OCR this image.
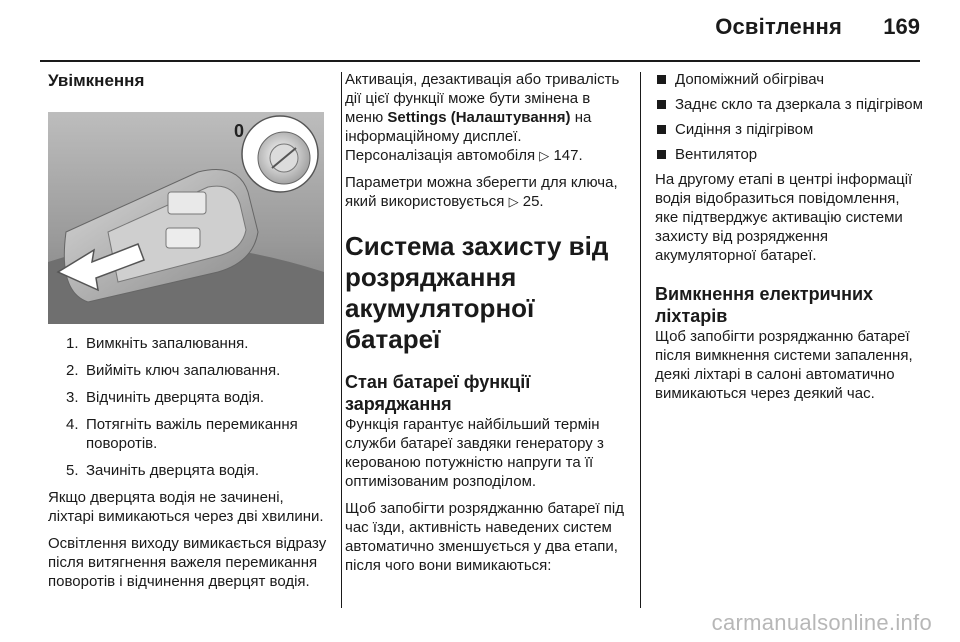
Освітлення 169
Увімкнення
0
1. Вимкніть запалювання.
2. Вийміть ключ запалювання.
3. Відчиніть дверцята водія.
4. Потягніть важіль перемикання поворотів.
5. Зачиніть дверцята водія.

Якщо дверцята водія не зачинені, ліхтарі вимикаються через дві хвилини.

Освітлення виходу вимикається відразу після витягнення важеля перемикання поворотів і відчинення дверцят водія.

Активація, дезактивація або тривалість дії цієї функції може бути змінена в меню Settings (Налаштування) на інформаційному дисплеї. Персоналізація автомобіля ▷ 147.

Параметри можна зберегти для ключа, який використовується ▷ 25.

Система захисту від розряджання акумуляторної батареї
Стан батареї функції заряджання

Функція гарантує найбільший термін служби батареї завдяки генератору з керованою потужністю напруги та її оптимізованим розподілом.

Щоб запобігти розряджанню батареї під час їзди, активність наведених систем автоматично зменшується у два етапи, після чого вони вимикаються:

Допоміжний обігрівач
Заднє скло та дзеркала з підігрівом
Сидіння з підігрівом
Вентилятор

На другому етапі в центрі інформації водія відобразиться повідомлення, яке підтверджує активацію системи захисту від розрядження акумуляторної батареї.

Вимкнення електричних ліхтарів

Щоб запобігти розряджанню батареї після вимкнення системи запалення, деякі ліхтарі в салоні автоматично вимикаються через деякий час.

carmanualsonline.info
